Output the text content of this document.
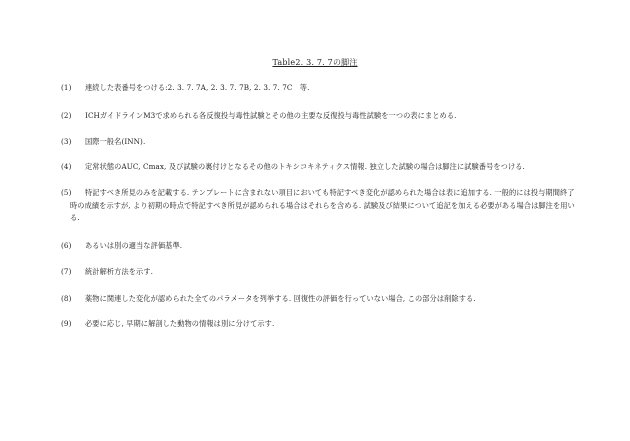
Table2. 3. 7. 7の脚注
(1) 連続した表番号をつける:2. 3. 7. 7A, 2. 3. 7. 7B, 2. 3. 7. 7C　等.
(2) ICHガイドラインM3で求められる各反復投与毒性試験とその他の主要な反復投与毒性試験を一つの表にまとめる.
(3) 国際一般名(INN).
(4) 定常状態のAUC, Cmax, 及び試験の裏付けとなるその他のトキシコキネティクス情報. 独立した試験の場合は脚注に試験番号をつける.
(5)	特記すべき所見のみを記載する. テンプレートに含まれない項目においても特記すべき変化が認められた場合は表に追加する. 一般的には投与期間終了時の成績を示すが, より初期の時点で特記すべき所見が認められる場合はそれらを含める. 試験及び結果について追記を加える必要がある場合は脚注を用いる.
(6) あるいは別の適当な評価基準.
(7) 統計解析方法を示す.
(8) 薬物に関連した変化が認められた全てのパラメータを列挙する. 回復性の評価を行っていない場合, この部分は削除する.
(9) 必要に応じ, 早期に解剖した動物の情報は別に分けて示す.
